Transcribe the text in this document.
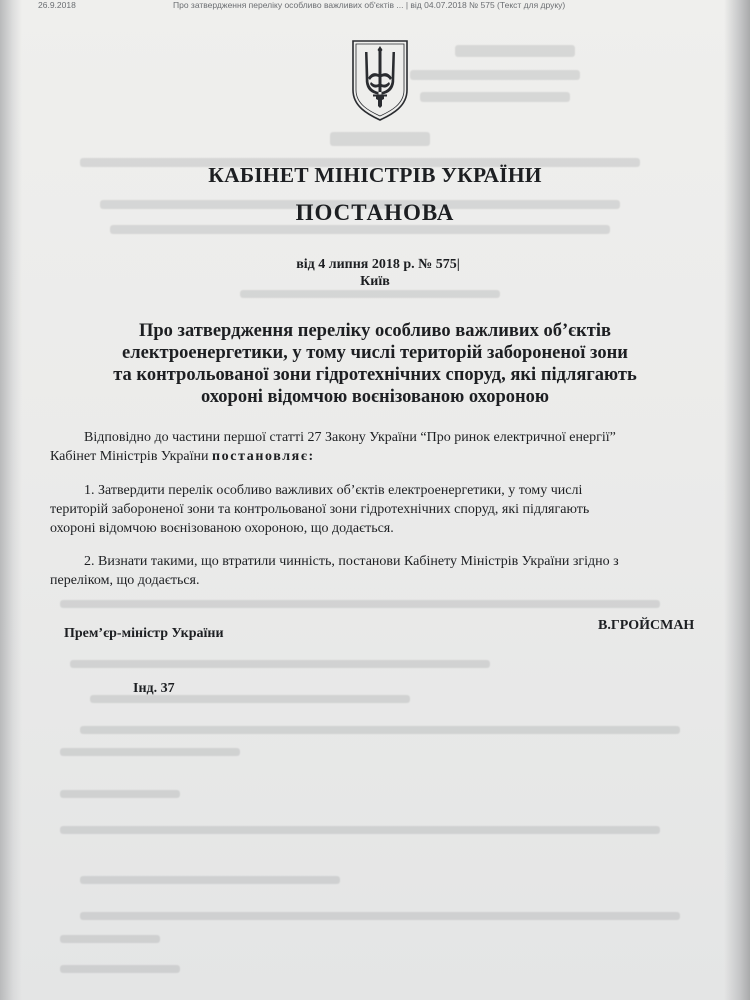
26.9.2018	Про затвердження переліку особливо важливих об'єктів ... | від 04.07.2018 № 575 (Текст для друку)
КАБІНЕТ МІНІСТРІВ УКРАЇНИ
ПОСТАНОВА
від 4 липня 2018 р. № 575|
Київ
Про затвердження переліку особливо важливих об’єктів
електроенергетики, у тому числі територій забороненої зони
та контрольованої зони гідротехнічних споруд, які підлягають
охороні відомчою воєнізованою охороною
Відповідно до частини першої статті 27 Закону України “Про ринок електричної енергії”
Кабінет Міністрів України постановляє:
1. Затвердити перелік особливо важливих об’єктів електроенергетики, у тому числі
територій забороненої зони та контрольованої зони гідротехнічних споруд, які підлягають
охороні відомчою воєнізованою охороною, що додається.
2. Визнати такими, що втратили чинність, постанови Кабінету Міністрів України згідно з
переліком, що додається.
Прем’єр-міністр України
В.ГРОЙСМАН
Інд. 37
